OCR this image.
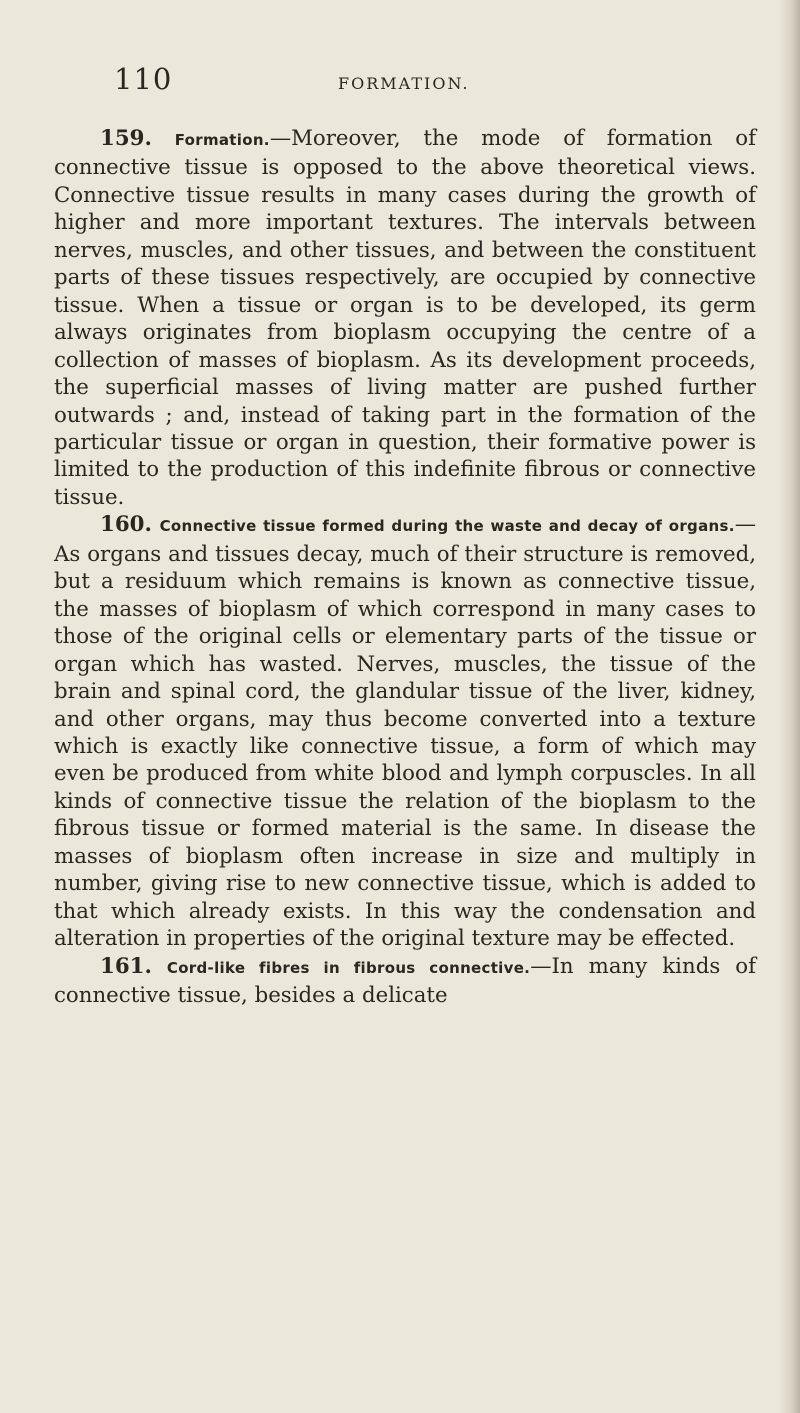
110	FORMATION.

159. Formation.—Moreover, the mode of formation of connective tissue is opposed to the above theoretical views. Connective tissue results in many cases during the growth of higher and more important textures. The intervals between nerves, muscles, and other tissues, and between the constituent parts of these tissues respectively, are occupied by connective tissue. When a tissue or organ is to be developed, its germ always originates from bioplasm occupying the centre of a collection of masses of bioplasm. As its development proceeds, the superficial masses of living matter are pushed further outwards ; and, instead of taking part in the formation of the particular tissue or organ in question, their formative power is limited to the production of this indefinite fibrous or connective tissue.

160. Connective tissue formed during the waste and decay of organs.—As organs and tissues decay, much of their structure is removed, but a residuum which remains is known as connective tissue, the masses of bioplasm of which correspond in many cases to those of the original cells or elementary parts of the tissue or organ which has wasted. Nerves, muscles, the tissue of the brain and spinal cord, the glandular tissue of the liver, kidney, and other organs, may thus become converted into a texture which is exactly like connective tissue, a form of which may even be produced from white blood and lymph corpuscles. In all kinds of connective tissue the relation of the bioplasm to the fibrous tissue or formed material is the same. In disease the masses of bioplasm often increase in size and multiply in number, giving rise to new connective tissue, which is added to that which already exists. In this way the condensation and alteration in properties of the original texture may be effected.

161. Cord-like fibres in fibrous connective.—In many kinds of connective tissue, besides a delicate
